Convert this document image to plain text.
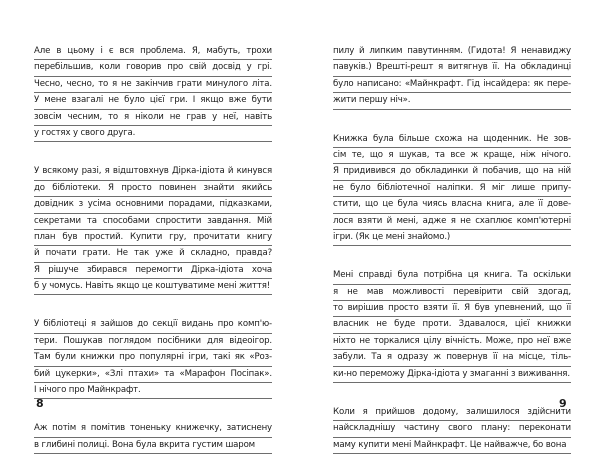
Але в цьому і є вся проблема. Я, мабуть, трохи
перебільшив, коли говорив про свій досвід у грі.
Чесно, чесно, то я не закінчив грати минулого літа.
У мене взагалі не було цієї гри. І якщо вже бути
зовсім чесним, то я ніколи не грав у неї, навіть
у гостях у свого друга.
У всякому разі, я відштовхнув Дірка-ідіота й кинувся
до бібліотеки. Я просто повинен знайти якийсь
довідник з усіма основними порадами, підказками,
секретами та способами спростити завдання. Мій
план був простий. Купити гру, прочитати книгу
й почати грати. Не так уже й складно, правда?
Я рішуче збирався перемогти Дірка-ідіота хоча
б у чомусь. Навіть якщо це коштуватиме мені життя!
У бібліотеці я зайшов до секції видань про комп'ю-
тери. Пошукав поглядом посібники для відеоігор.
Там були книжки про популярні ігри, такі як «Роз-
бий цукерки», «Злі птахи» та «Марафон Посіпак».
І нічого про Майнкрафт.
Аж потім я помітив тоненьку книжечку, затиснену
в глибині полиці. Вона була вкрита густим шаром
пилу й липким павутинням. (Гидота! Я ненавиджу
павуків.) Врешті-решт я витягнув її. На обкладинці
було написано: «Майнкрафт. Гід інсайдера: як пере-
жити першу ніч».
Книжка була більше схожа на щоденник. Не зов-
сім те, що я шукав, та все ж краще, ніж нічого.
Я придивився до обкладинки й побачив, що на ній
не було бібліотечної наліпки. Я міг лише припу-
стити, що це була чиясь власна книга, але її дове-
лося взяти й мені, адже я не схаплює комп'ютерні
ігри. (Як це мені знайомо.)
Мені справді була потрібна ця книга. Та оскільки
я не мав можливості перевірити свій здогад,
то вирішив просто взяти її. Я був упевнений, що її
власник не буде проти. Здавалося, цієї книжки
ніхто не торкалися цілу вічність. Може, про неї вже
забули. Та я одразу ж повернув її на місце, тіль-
ки-но переможу Дірка-ідіота у змаганні з виживання.
Коли я прийшов додому, залишилося здійснити
найскладнішу частину свого плану: переконати
маму купити мені Майнкрафт. Це найважче, бо вона
8	9
